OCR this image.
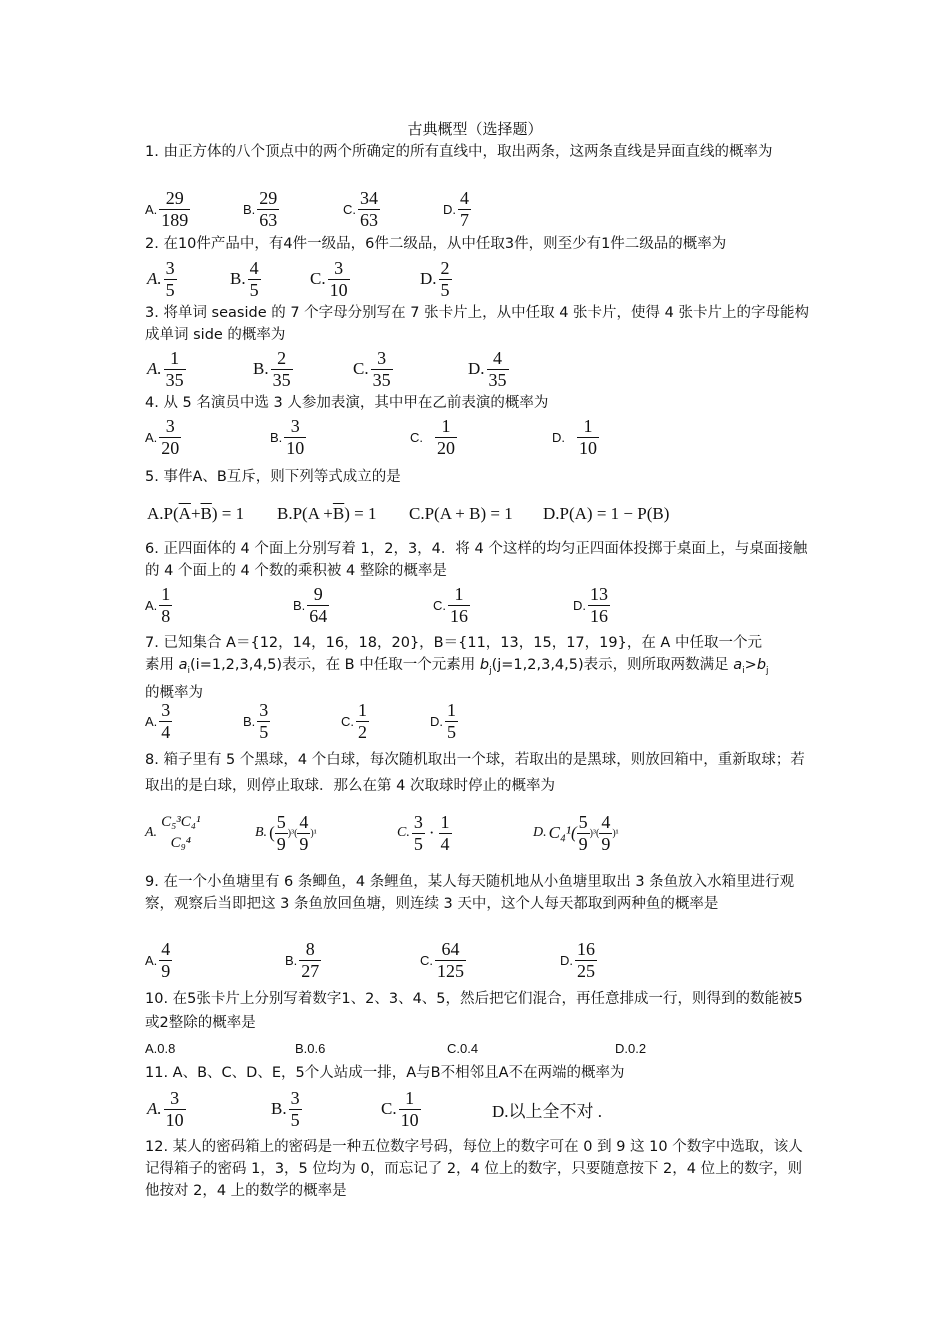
古典概型（选择题）
1. 由正方体的八个顶点中的两个所确定的所有直线中，取出两条，这两条直线是异面直线的概率为
A. $\frac{29}{189}$	B. $\frac{29}{63}$	C. $\frac{34}{63}$	D. $\frac{4}{7}$
2. 在10件产品中，有4件一级品，6件二级品，从中任取3件，则至少有1件二级品的概率为
A. $\frac{3}{5}$	B. $\frac{4}{5}$	C. $\frac{3}{10}$	D. $\frac{2}{5}$
3. 将单词 seaside 的 7 个字母分别写在 7 张卡片上，从中任取 4 张卡片，使得 4 张卡片上的字母能构成单词 side 的概率为
A. $\frac{1}{35}$	B. $\frac{2}{35}$	C. $\frac{3}{35}$	D. $\frac{4}{35}$
4. 从 5 名演员中选 3 人参加表演，其中甲在乙前表演的概率为
A. $\frac{3}{20}$	B. $\frac{3}{10}$	C. $\frac{1}{20}$	D. $\frac{1}{10}$
5. 事件A、B互斥，则下列等式成立的是
A.P( $\overline{A} + \overline{B}$ ) = 1 $B.P(A + \overline{B}$ ) = 1 C.P(A + B) = 1 D.P(A) = 1 − P(B)

6. 正四面体的 4 个面上分别写着 1，2，3，4．将 4 个这样的均匀正四面体投掷于桌面上，与桌面接触的 4 个面上的 4 个数的乘积被 4 整除的概率是
A. $\frac{1}{8}$	B. $\frac{9}{64}$	C. $\frac{1}{16}$	D. $\frac{13}{16}$
7. 已知集合 A＝{12，14，16，18，20}，B＝{11，13，15，17，19}，在 A 中任取一个元
素用 $a_i(i=1,2,3,4,5)$表示，在 B 中任取一个元素用 $b_j(j=1,2,3,4,5)$表示，则所取两数满足 $a_i>b_j$
的概率为
A. $\frac{3}{4}$	B. $\frac{3}{5}$	C. $\frac{1}{2}$	D. $\frac{1}{5}$
8. 箱子里有 5 个黑球，4 个白球，每次随机取出一个球，若取出的是黑球，则放回箱中，重新取球；若取出的是白球，则停止取球．那么在第 4 次取球时停止的概率为
A.
C₅³C₄¹
C₉⁴
B. ( $\frac{5}{9} )^3( \frac{4}{9} )^1$	C. $\frac{3}{5} \cdot \frac{1}{4}$	D. $C_4^1( \frac{5}{9} )^3( \frac{4}{9} )^1$
9. 在一个小鱼塘里有 6 条鲫鱼，4 条鲤鱼，某人每天随机地从小鱼塘里取出 3 条鱼放入水箱里进行观察，观察后当即把这 3 条鱼放回鱼塘，则连续 3 天中，这个人每天都取到两种鱼的概率是
A. $\frac{4}{9}$	B. $\frac{8}{27}$	C. $\frac{64}{125}$	D. $\frac{16}{25}$

10. 在5张卡片上分别写着数字1、2、3、4、5，然后把它们混合，再任意排成一行，则得到的数能被5或2整除的概率是
A.0.8	B.0.6	C.0.4	D.0.2
11. A、B、C、D、E，5个人站成一排，A与B不相邻且A不在两端的概率为
A. $\frac{3}{10}$	B. $\frac{3}{5}$	C. $\frac{1}{10}$	D.以上全不对 .
12. 某人的密码箱上的密码是一种五位数字号码，每位上的数字可在 0 到 9 这 10 个数字中选取，该人记得箱子的密码 1，3，5 位均为 0，而忘记了 2，4 位上的数字，只要随意按下 2，4 位上的数字，则他按对 2，4 上的数学的概率是
